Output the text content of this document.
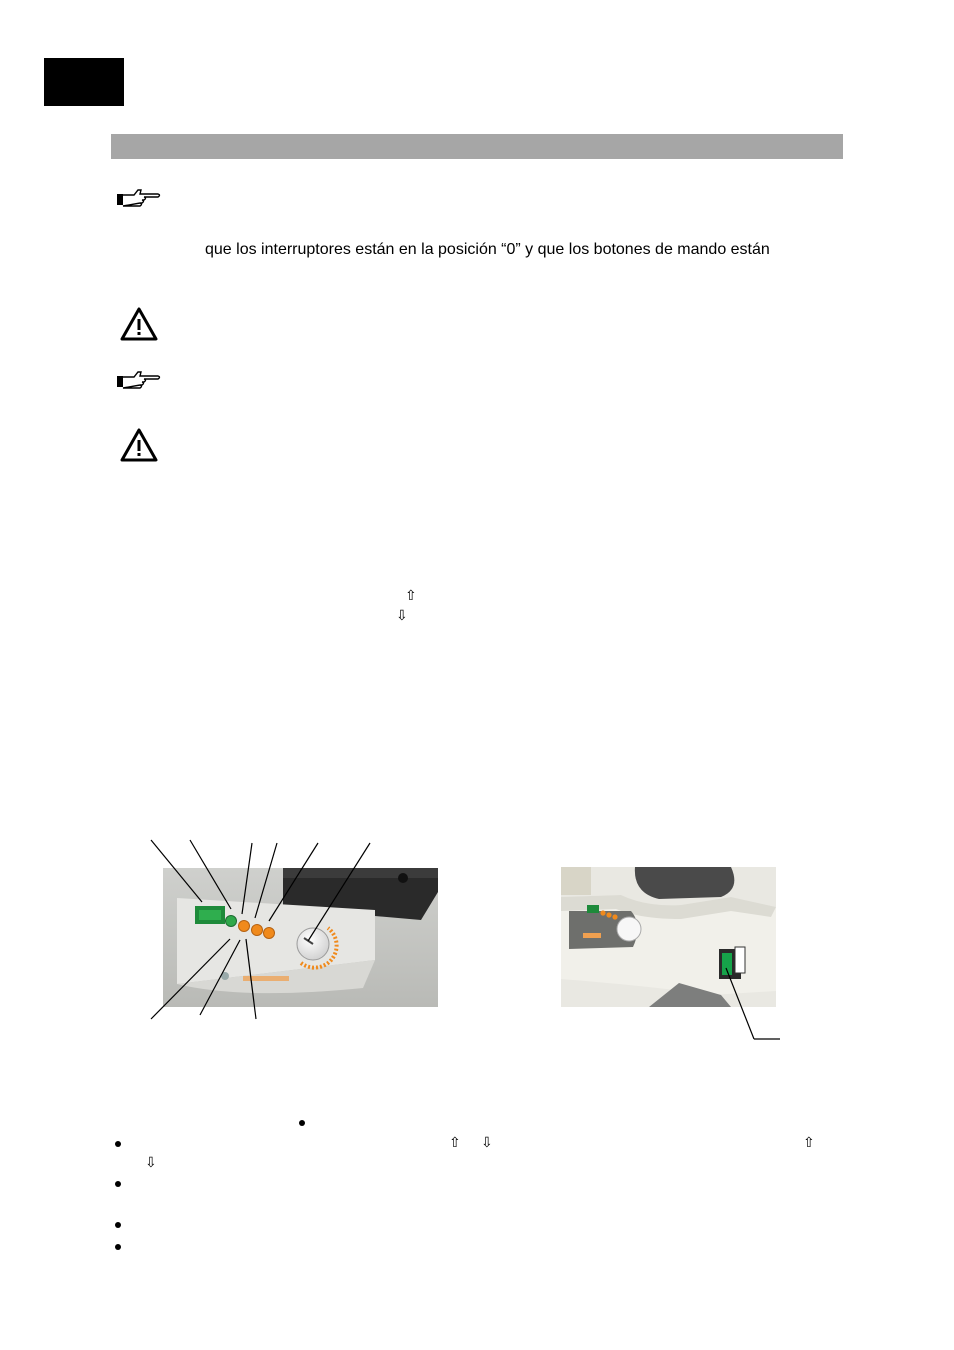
que los interruptores están en la posición “0” y que los botones de mando están
⇧
⇩
⇧ ⇩	⇧
⇩
